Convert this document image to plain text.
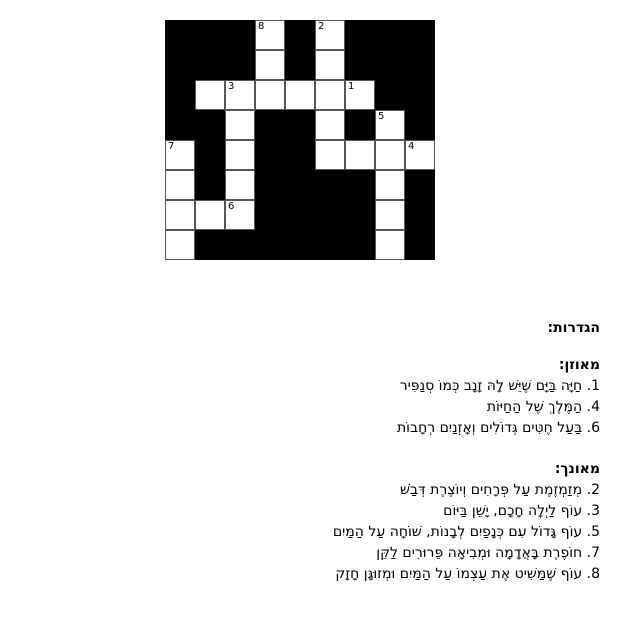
8	2
3	1
5
7	4
6
הגדרות:
מאוזן:
1. חַיָּה בַּיָּם שֶׁיֵּשׁ לָהּ זָנָב כְּמוֹ סְנַפִּיר
4. הַמֶּלֶךְ שֶׁל הַחַיּוֹת
6. בַּעַל חֶטִּים גְּדוֹלִים וְאָזְנַיִם רְחָבוֹת
מאונך:
2. מְזַמְזֶמֶת עַל פְּרָחִים וְיוֹצֶרֶת דְּבַשׁ
3. עוֹף לַיְלָה חָכָם, יָשֵׁן בַּיּוֹם
5. עוֹף גָּדוֹל עִם כְּנָפַיִם לְבָנוֹת, שׁוֹחָה עַל הַמַּיִם
7. חוֹפֶרֶת בָּאֲדָמָה וּמְבִיאָה פֵּרוּרִים לַקֵּן
8. עוֹף שֶׁמַּשִּׁיט אֶת עַצְמוֹ עַל הַמַּיִם וּמְזוּגָּן חָזָק
